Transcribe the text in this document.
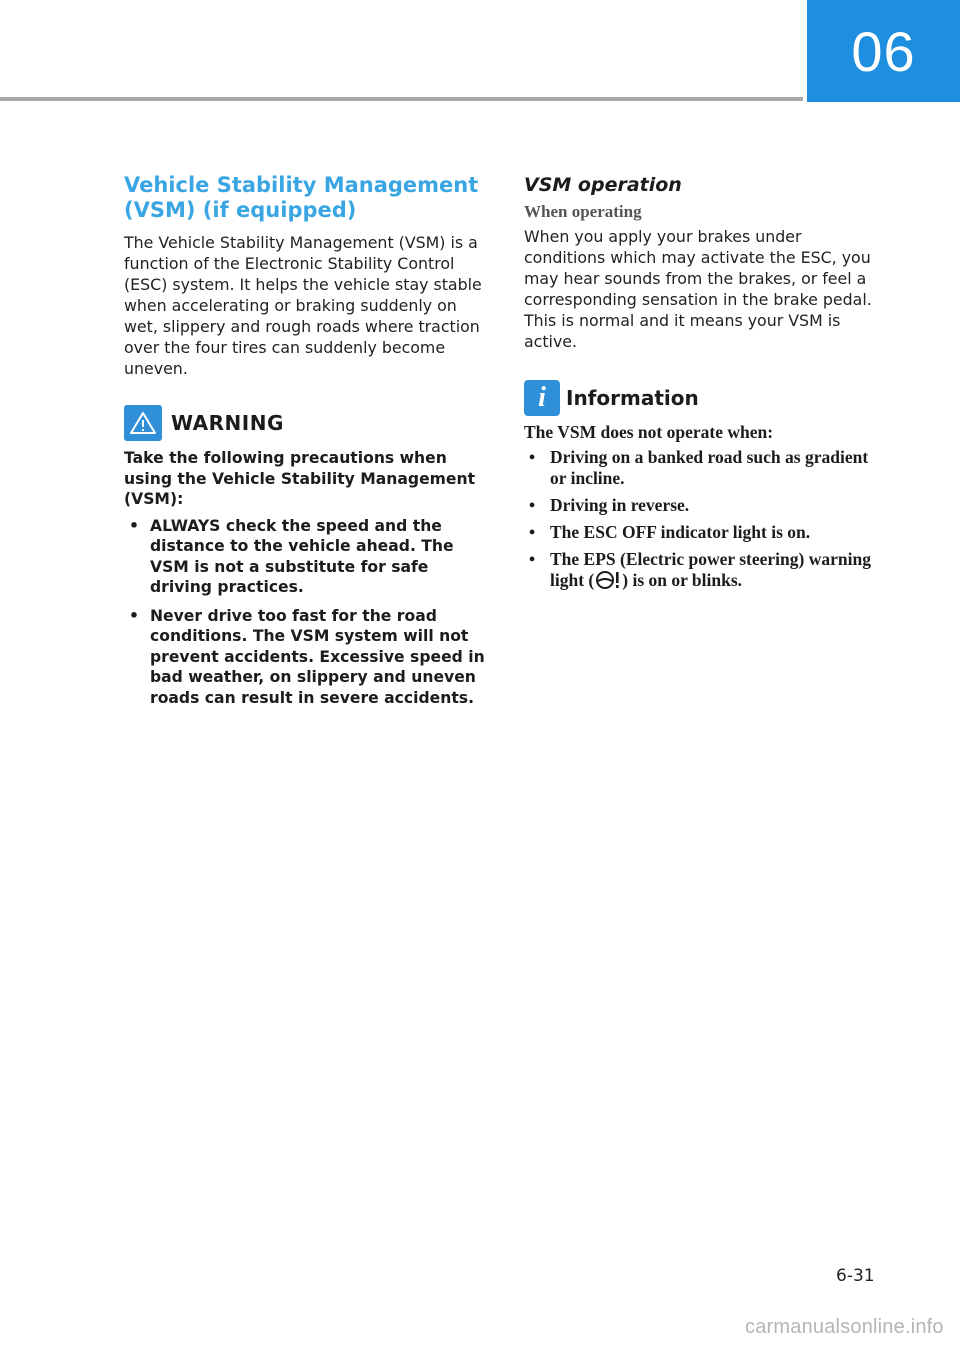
06
Vehicle Stability Management
(VSM) (if equipped)

The Vehicle Stability Management (VSM) is a function of the Electronic Stability Control (ESC) system. It helps the vehicle stay stable when accelerating or braking suddenly on wet, slippery and rough roads where traction over the four tires can suddenly become uneven.

WARNING

Take the following precautions when using the Vehicle Stability Management (VSM):

• ALWAYS check the speed and the distance to the vehicle ahead. The VSM is not a substitute for safe driving practices.
• Never drive too fast for the road conditions. The VSM system will not prevent accidents. Excessive speed in bad weather, on slippery and uneven roads can result in severe accidents.
VSM operation
When operating

When you apply your brakes under conditions which may activate the ESC, you may hear sounds from the brakes, or feel a corresponding sensation in the brake pedal. This is normal and it means your VSM is active.

i	Information

The VSM does not operate when:

• Driving on a banked road such as gradient or incline.
• Driving in reverse.
• The ESC OFF indicator light is on.
• The EPS (Electric power steering) warning light ( ) is on or blinks.
6-31
carmanualsonline.info
